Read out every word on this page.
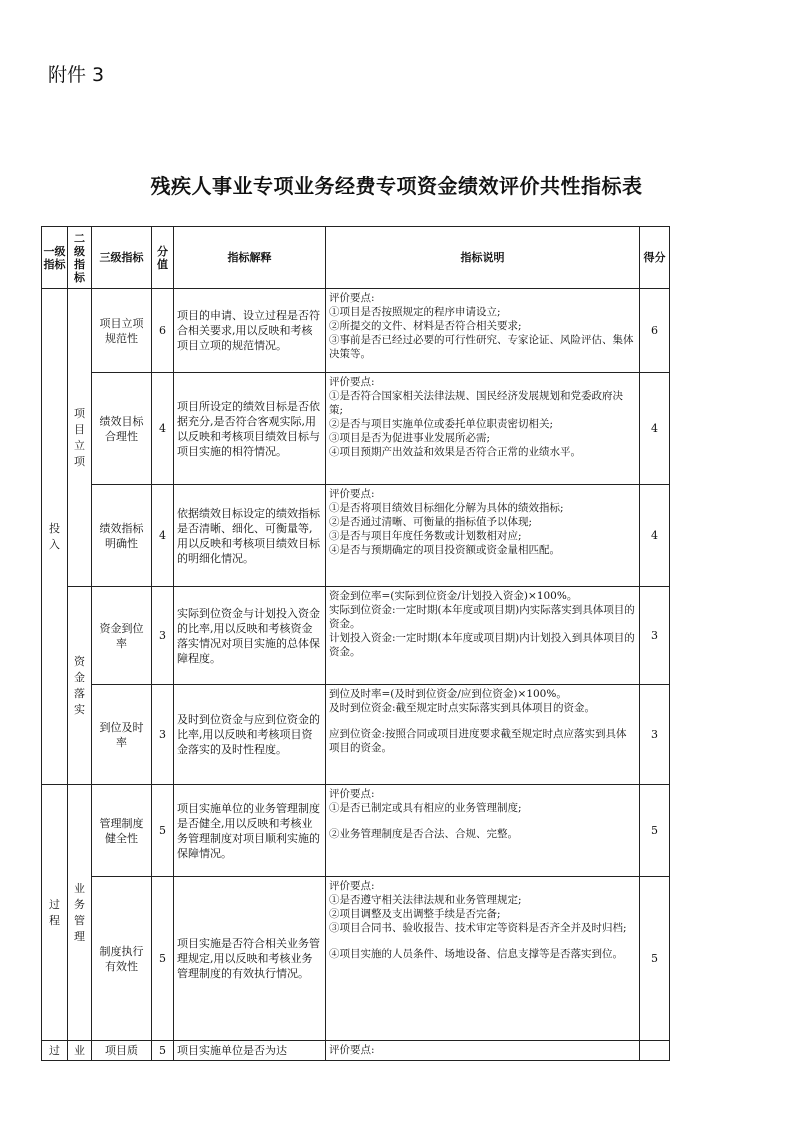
附件 3
残疾人事业专项业务经费专项资金绩效评价共性指标表
一级指标	二级指标	三级指标	分值	指标解释	指标说明	得分
投入	项目立项	项目立项规范性	6	项目的申请、设立过程是否符合相关要求,用以反映和考核项目立项的规范情况。	评价要点:
①项目是否按照规定的程序申请设立;
②所提交的文件、材料是否符合相关要求;
③事前是否已经过必要的可行性研究、专家论证、风险评估、集体决策等。	6
		绩效目标合理性	4	项目所设定的绩效目标是否依据充分,是否符合客观实际,用以反映和考核项目绩效目标与项目实施的相符情况。	评价要点:
①是否符合国家相关法律法规、国民经济发展规划和党委政府决策;
②是否与项目实施单位或委托单位职责密切相关;
③项目是否为促进事业发展所必需;
④项目预期产出效益和效果是否符合正常的业绩水平。	4
		绩效指标明确性	4	依据绩效目标设定的绩效指标是否清晰、细化、可衡量等,用以反映和考核项目绩效目标的明细化情况。	评价要点:
①是否将项目绩效目标细化分解为具体的绩效指标;
②是否通过清晰、可衡量的指标值予以体现;
③是否与项目年度任务数或计划数相对应;
④是否与预期确定的项目投资额或资金量相匹配。	4
	资金落实	资金到位率	3	实际到位资金与计划投入资金的比率,用以反映和考核资金落实情况对项目实施的总体保障程度。	资金到位率=(实际到位资金/计划投入资金)×100%。
实际到位资金:一定时期(本年度或项目期)内实际落实到具体项目的资金。
计划投入资金:一定时期(本年度或项目期)内计划投入到具体项目的资金。	3
		到位及时率	3	及时到位资金与应到位资金的比率,用以反映和考核项目资金落实的及时性程度。	到位及时率=(及时到位资金/应到位资金)×100%。
及时到位资金:截至规定时点实际落实到具体项目的资金。
应到位资金:按照合同或项目进度要求截至规定时点应落实到具体项目的资金。	3
过程	业务管理	管理制度健全性	5	项目实施单位的业务管理制度是否健全,用以反映和考核业务管理制度对项目顺利实施的保障情况。	评价要点:
①是否已制定或具有相应的业务管理制度;
②业务管理制度是否合法、合规、完整。	5
		制度执行有效性	5	项目实施是否符合相关业务管理规定,用以反映和考核业务管理制度的有效执行情况。	评价要点:
①是否遵守相关法律法规和业务管理规定;
②项目调整及支出调整手续是否完备;
③项目合同书、验收报告、技术审定等资料是否齐全并及时归档;
④项目实施的人员条件、场地设备、信息支撑等是否落实到位。	5
过	业	项目质	5	项目实施单位是否为达	评价要点:	
